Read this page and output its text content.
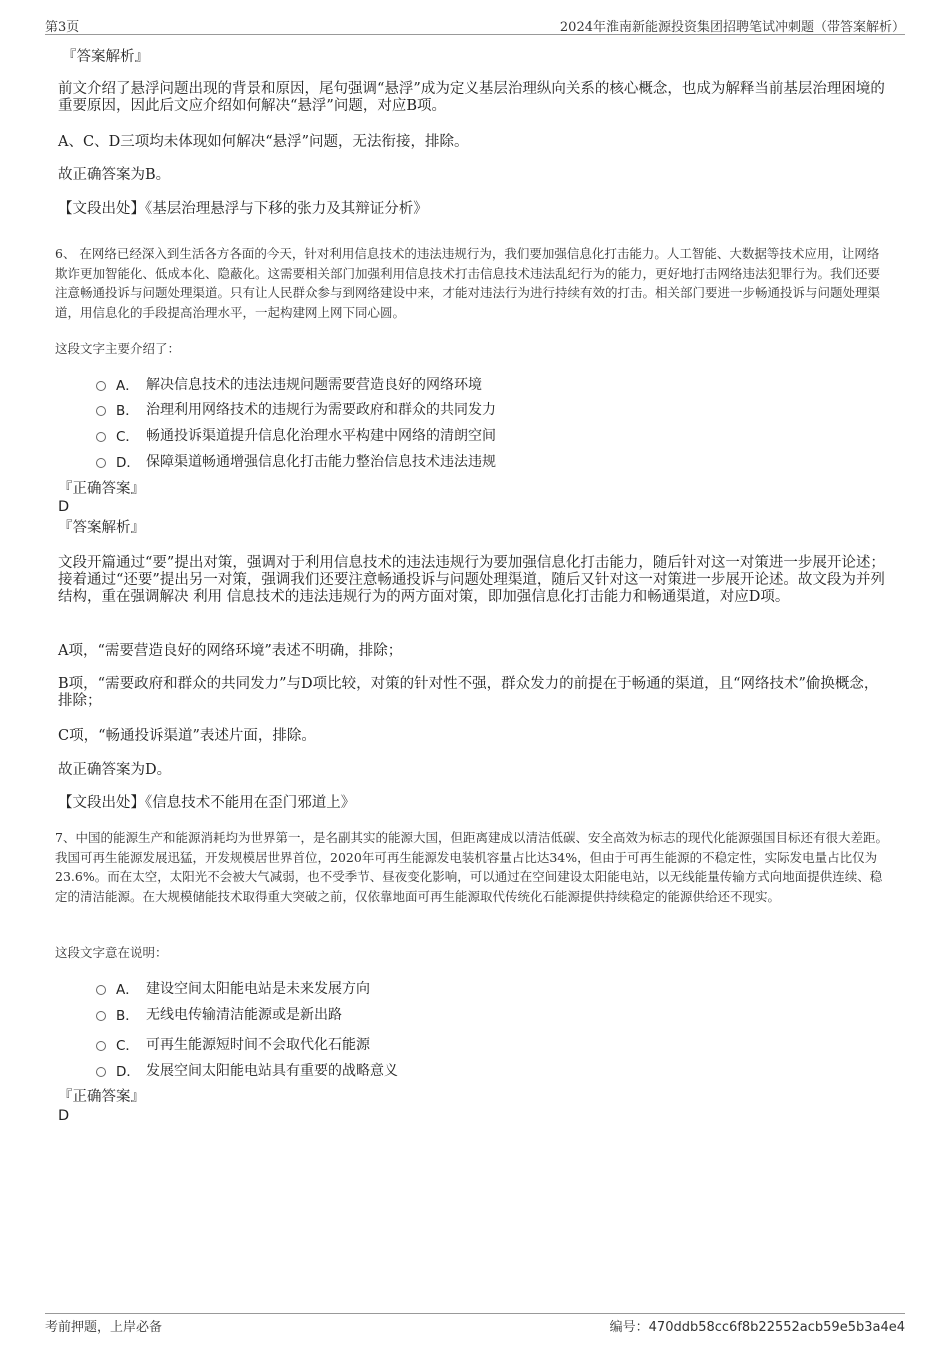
第3页	2024年淮南新能源投资集团招聘笔试冲刺题（带答案解析）
『答案解析』
前文介绍了悬浮问题出现的背景和原因，尾句强调“悬浮”成为定义基层治理纵向关系的核心概念，也成为解释当前基层治理困境的重要原因，因此后文应介绍如何解决“悬浮”问题，对应B项。
A、C、D三项均未体现如何解决“悬浮”问题，无法衔接，排除。
故正确答案为B。
【文段出处】《基层治理悬浮与下移的张力及其辩证分析》
6、 在网络已经深入到生活各方各面的今天，针对利用信息技术的违法违规行为，我们要加强信息化打击能力。人工智能、大数据等技术应用，让网络欺诈更加智能化、低成本化、隐蔽化。这需要相关部门加强利用信息技术打击信息技术违法乱纪行为的能力，更好地打击网络违法犯罪行为。我们还要注意畅通投诉与问题处理渠道。只有让人民群众参与到网络建设中来，才能对违法行为进行持续有效的打击。相关部门要进一步畅通投诉与问题处理渠道，用信息化的手段提高治理水平，一起构建网上网下同心圆。
这段文字主要介绍了：
A． 解决信息技术的违法违规问题需要营造良好的网络环境
B． 治理利用网络技术的违规行为需要政府和群众的共同发力
C． 畅通投诉渠道提升信息化治理水平构建中网络的清朗空间
D． 保障渠道畅通增强信息化打击能力整治信息技术违法违规
『正确答案』
D
『答案解析』
文段开篇通过“要”提出对策，强调对于利用信息技术的违法违规行为要加强信息化打击能力，随后针对这一对策进一步展开论述；接着通过“还要”提出另一对策，强调我们还要注意畅通投诉与问题处理渠道，随后又针对这一对策进一步展开论述。故文段为并列结构，重在强调解决 利用 信息技术的违法违规行为的两方面对策，即加强信息化打击能力和畅通渠道，对应D项。
A项，“需要营造良好的网络环境”表述不明确，排除；
B项，“需要政府和群众的共同发力”与D项比较，对策的针对性不强，群众发力的前提在于畅通的渠道，且“网络技术”偷换概念，排除；
C项，“畅通投诉渠道”表述片面，排除。
故正确答案为D。
【文段出处】《信息技术不能用在歪门邪道上》
7、中国的能源生产和能源消耗均为世界第一，是名副其实的能源大国，但距离建成以清洁低碳、安全高效为标志的现代化能源强国目标还有很大差距。我国可再生能源发展迅猛，开发规模居世界首位，2020年可再生能源发电装机容量占比达34%，但由于可再生能源的不稳定性，实际发电量占比仅为23.6%。而在太空，太阳光不会被大气减弱，也不受季节、昼夜变化影响，可以通过在空间建设太阳能电站，以无线能量传输方式向地面提供连续、稳定的清洁能源。在大规模储能技术取得重大突破之前，仅依靠地面可再生能源取代传统化石能源提供持续稳定的能源供给还不现实。
这段文字意在说明：
A． 建设空间太阳能电站是未来发展方向
B． 无线电传输清洁能源或是新出路
C． 可再生能源短时间不会取代化石能源
D． 发展空间太阳能电站具有重要的战略意义
『正确答案』
D
考前押题，上岸必备	编号：470ddb58cc6f8b22552acb59e5b3a4e4
